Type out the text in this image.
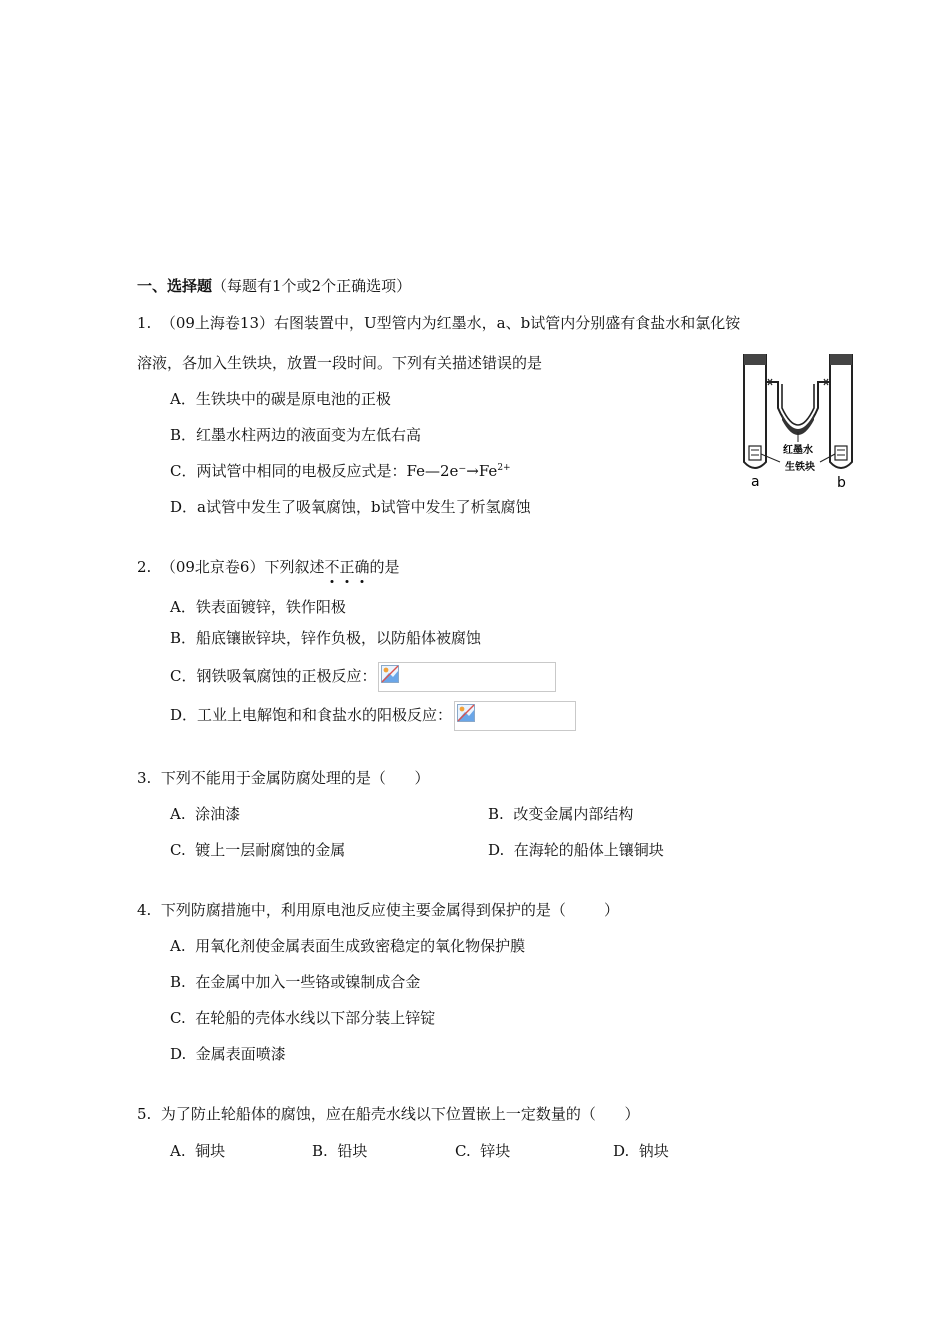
一、选择题（每题有1个或2个正确选项）
1.  （09上海卷13）右图装置中，U型管内为红墨水，a、b试管内分别盛有食盐水和氯化铵
溶液，各加入生铁块，放置一段时间。下列有关描述错误的是
A．生铁块中的碳是原电池的正极
B．红墨水柱两边的液面变为左低右高
C．两试管中相同的电极反应式是：$Fe—2e^-\to Fe^{2+}$
D．a试管中发生了吸氧腐蚀，b试管中发生了析氢腐蚀
红墨水
生铁块
a	b
2.  （09北京卷6）下列叙述不正确的是
A．铁表面镀锌，铁作阳极
B．船底镶嵌锌块，锌作负极，以防船体被腐蚀
C．钢铁吸氧腐蚀的正极反应：
D．工业上电解饱和和食盐水的阳极反应：
3.  下列不能用于金属防腐处理的是（      ）
A.  涂油漆	B.  改变金属内部结构
C.  镀上一层耐腐蚀的金属	D.  在海轮的船体上镶铜块
4.  下列防腐措施中，利用原电池反应使主要金属得到保护的是（        ）
A.  用氧化剂使金属表面生成致密稳定的氧化物保护膜
B.  在金属中加入一些铬或镍制成合金
C.  在轮船的壳体水线以下部分装上锌锭
D.  金属表面喷漆
5.  为了防止轮船体的腐蚀，应在船壳水线以下位置嵌上一定数量的（      ）
A.  铜块	B.  铅块	C.  锌块	D.  钠块
